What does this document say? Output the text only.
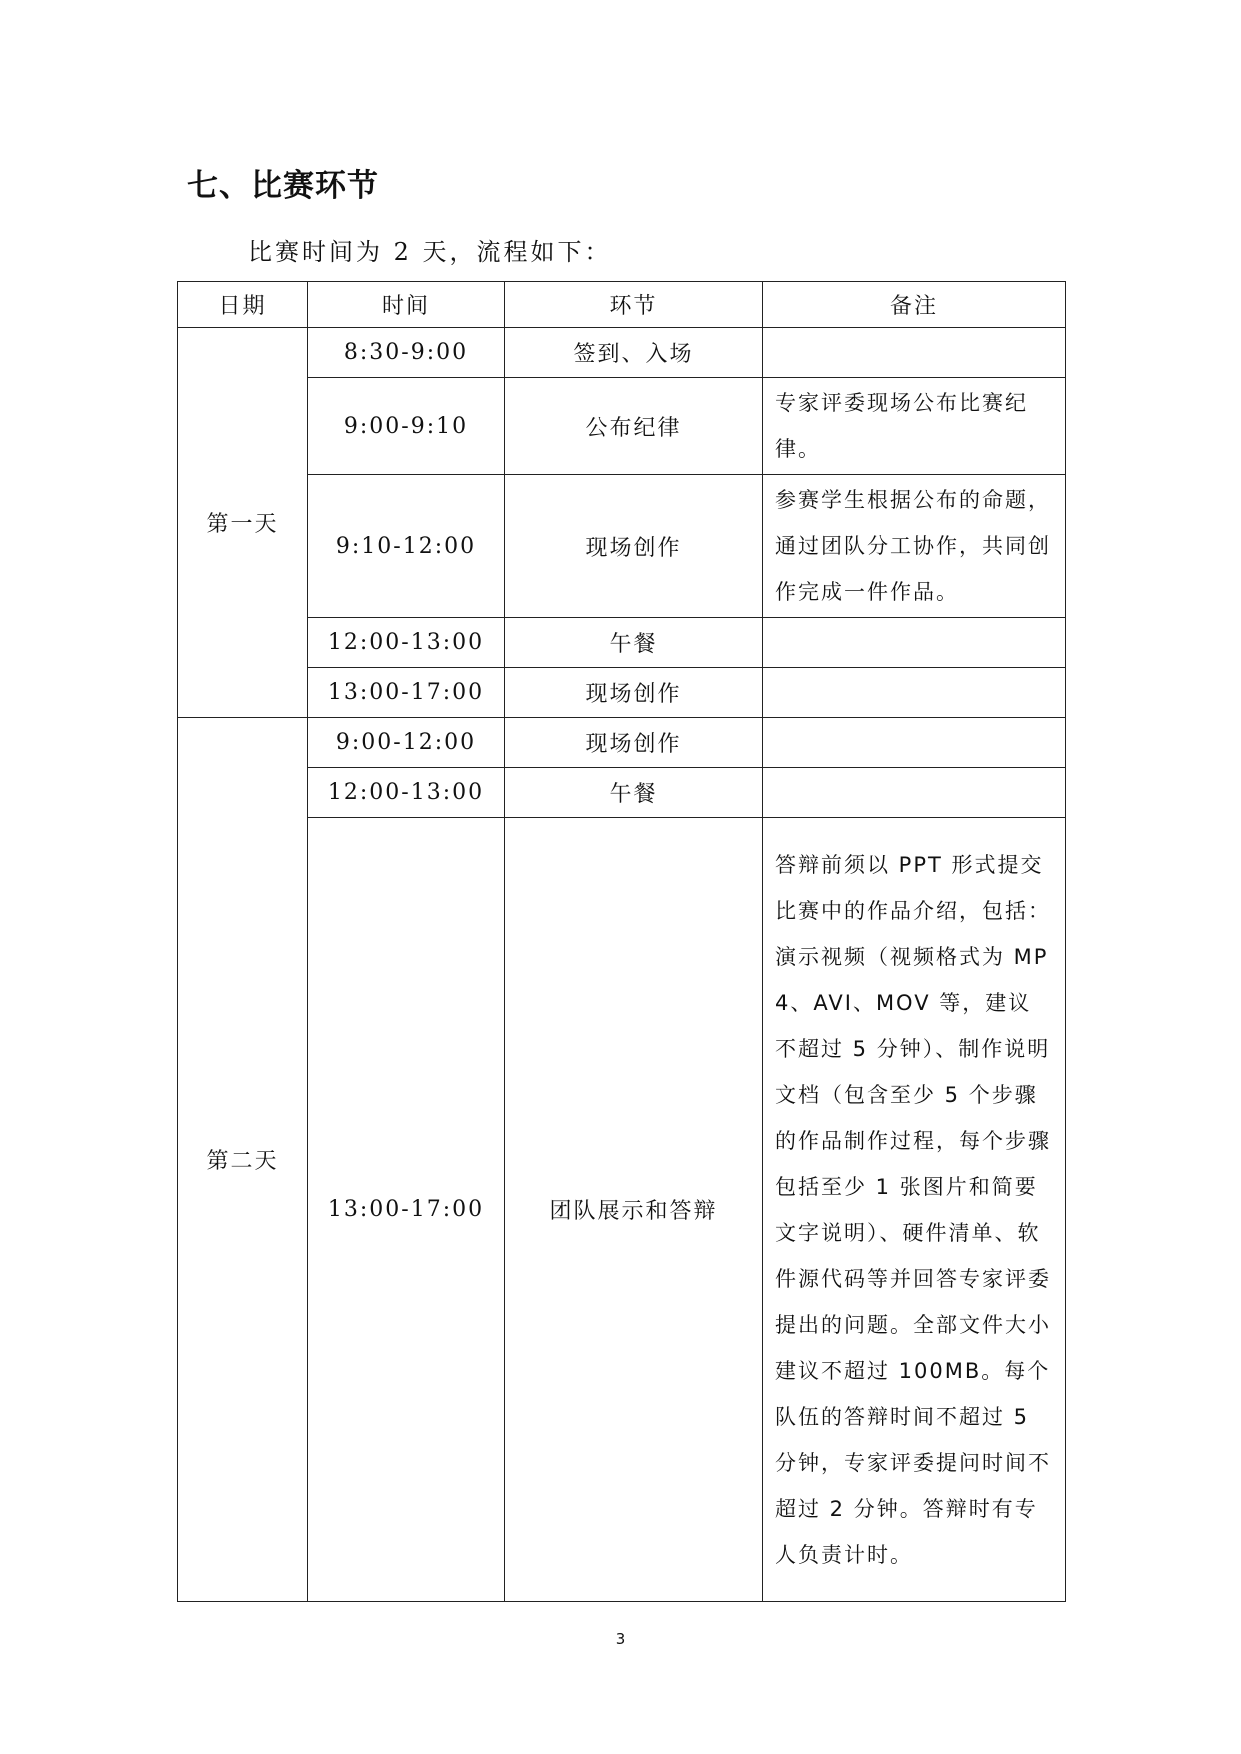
七、比赛环节
比赛时间为 2 天，流程如下：
日期	时间	环节	备注
第一天	8:30-9:00	签到、入场	
	9:00-9:10	公布纪律	专家评委现场公布比赛纪律。
	9:10-12:00	现场创作	参赛学生根据公布的命题，通过团队分工协作，共同创作完成一件作品。
	12:00-13:00	午餐	
	13:00-17:00	现场创作	
第二天	9:00-12:00	现场创作	
	12:00-13:00	午餐	
	13:00-17:00	团队展示和答辩	答辩前须以 PPT 形式提交比赛中的作品介绍，包括：演示视频（视频格式为 MP4、AVI、MOV 等，建议不超过 5 分钟）、制作说明文档（包含至少 5 个步骤的作品制作过程，每个步骤包括至少 1 张图片和简要文字说明）、硬件清单、软件源代码等并回答专家评委提出的问题。全部文件大小建议不超过 100MB。每个队伍的答辩时间不超过 5 分钟，专家评委提问时间不超过 2 分钟。答辩时有专人负责计时。
3
